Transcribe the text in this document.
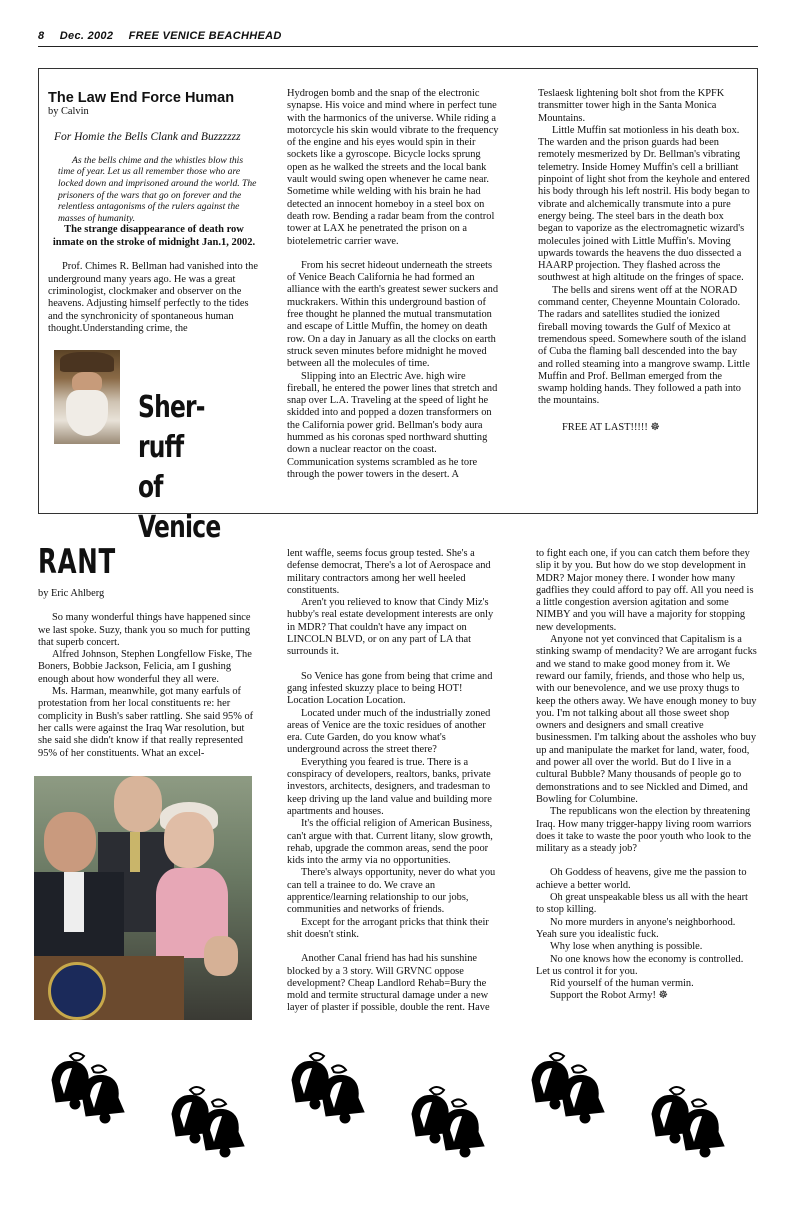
8 Dec. 2002 FREE VENICE BEACHHEAD
The Law End Force Human
by Calvin
For Homie the Bells Clank and Buzzzzzz

As the bells chime and the whistles blow this time of year. Let us all remember those who are locked down and imprisoned around the world. The prisoners of the wars that go on forever and the relentless antagonisms of the rulers against the masses of humanity.

The strange disappearance of death row inmate on the stroke of midnight Jan.1, 2002.

Prof. Chimes R. Bellman had vanished into the underground many years ago. He was a great criminologist, clockmaker and observer on the heavens. Adjusting himself perfectly to the tides and the synchronicity of spontaneous human thought.Understanding crime, the

Sher-ruff
of Venice

Hydrogen bomb and the snap of the electronic synapse. His voice and mind where in perfect tune with the harmonics of the universe. While riding a motorcycle his skin would vibrate to the frequency of the engine and his eyes would spin in their sockets like a gyroscope. Bicycle locks sprung open as he walked the streets and the local bank vault would swing open whenever he came near. Sometime while welding with his brain he had detected an innocent homeboy in a steel box on death row. Bending a radar beam from the control tower at LAX he penetrated the prison on a biotelemetric carrier wave.

From his secret hideout underneath the streets of Venice Beach California he had formed an alliance with the earth's greatest sewer suckers and muckrakers. Within this underground bastion of free thought he planned the mutual transmutation and escape of Little Muffin, the homey on death row. On a day in January as all the clocks on earth struck seven minutes before midnight he moved between all the molecules of time.

Slipping into an Electric Ave. high wire fireball, he entered the power lines that stretch and snap over L.A. Traveling at the speed of light he skidded into and popped a dozen transformers on the California power grid. Bellman's body aura hummed as his coronas sped northward shutting down a nuclear reactor on the coast. Communication systems scrambled as he tore through the power towers in the desert. A

Teslaesk lightening bolt shot from the KPFK transmitter tower high in the Santa Monica Mountains.

Little Muffin sat motionless in his death box. The warden and the prison guards had been remotely mesmerized by Dr. Bellman's vibrating telemetry. Inside Homey Muffin's cell a brilliant pinpoint of light shot from the keyhole and entered his body through his left nostril. His body began to vibrate and alchemically transmute into a pure energy being. The steel bars in the death box began to vaporize as the electromagnetic wizard's molecules joined with Little Muffin's. Moving upwards towards the heavens the duo dissected a HAARP projection. They flashed across the southwest at high altitude on the fringes of space.

The bells and sirens went off at the NORAD command center, Cheyenne Mountain Colorado. The radars and satellites studied the ionized fireball moving towards the Gulf of Mexico at tremendous speed. Somewhere south of the island of Cuba the flaming ball descended into the bay and rolled steaming into a mangrove swamp. Little Muffin and Prof. Bellman emerged from the swamp holding hands. They followed a path into the mountains.

FREE AT LAST!!!!! ☸

RANT
by Eric Ahlberg

So many wonderful things have happened since we last spoke. Suzy, thank you so much for putting that superb concert.

Alfred Johnson, Stephen Longfellow Fiske, The Boners, Bobbie Jackson, Felicia, am I gushing enough about how wonderful they all were.

Ms. Harman, meanwhile, got many earfuls of protestation from her local constituents re: her complicity in Bush's saber rattling. She said 95% of her calls were against the Iraq War resolution, but she said she didn't know if that really represented 95% of her constituents. What an excel-

lent waffle, seems focus group tested. She's a defense democrat, There's a lot of Aerospace and military contractors among her well heeled constituents.

Aren't you relieved to know that Cindy Miz's hubby's real estate development interests are only in MDR? That couldn't have any impact on LINCOLN BLVD, or on any part of LA that surrounds it.

So Venice has gone from being that crime and gang infested skuzzy place to being HOT! Location Location Location.

Located under much of the industrially zoned areas of Venice are the toxic residues of another era. Cute Garden, do you know what's underground across the street there?

Everything you feared is true. There is a conspiracy of developers, realtors, banks, private investors, architects, designers, and tradesman to keep driving up the land value and building more apartments and houses.

It's the official religion of American Business, can't argue with that. Current litany, slow growth, rehab, upgrade the common areas, send the poor kids into the army via no opportunities.

There's always opportunity, never do what you can tell a trainee to do. We crave an apprentice/learning relationship to our jobs, communities and networks of friends.

Except for the arrogant pricks that think their shit doesn't stink.

Another Canal friend has had his sunshine blocked by a 3 story. Will GRVNC oppose development? Cheap Landlord Rehab=Bury the mold and termite structural damage under a new layer of plaster if possible, double the rent. Have

to fight each one, if you can catch them before they slip it by you. But how do we stop development in MDR? Major money there. I wonder how many gadflies they could afford to pay off. All you need is a little congestion aversion agitation and some NIMBY and you will have a majority for stopping new developments.

Anyone not yet convinced that Capitalism is a stinking swamp of mendacity? We are arrogant fucks and we stand to make good money from it. We reward our family, friends, and those who help us, with our benevolence, and we use proxy thugs to keep the others away. We have enough money to buy you. I'm not talking about all those sweet shop owners and designers and small creative businessmen. I'm talking about the assholes who buy up and manipulate the market for land, water, food, and power all over the world. But do I live in a cultural Bubble? Many thousands of people go to demonstrations and to see Nickled and Dimed, and Bowling for Columbine.

The republicans won the election by threatening Iraq. How many trigger-happy living room warriors does it take to waste the poor youth who look to the military as a steady job?

Oh Goddess of heavens, give me the passion to achieve a better world.

Oh great unspeakable bless us all with the heart to stop killing.

No more murders in anyone's neighborhood. Yeah sure you idealistic fuck.

Why lose when anything is possible.

No one knows how the economy is controlled. Let us control it for you.

Rid yourself of the human vermin.

Support the Robot Army! ☸
